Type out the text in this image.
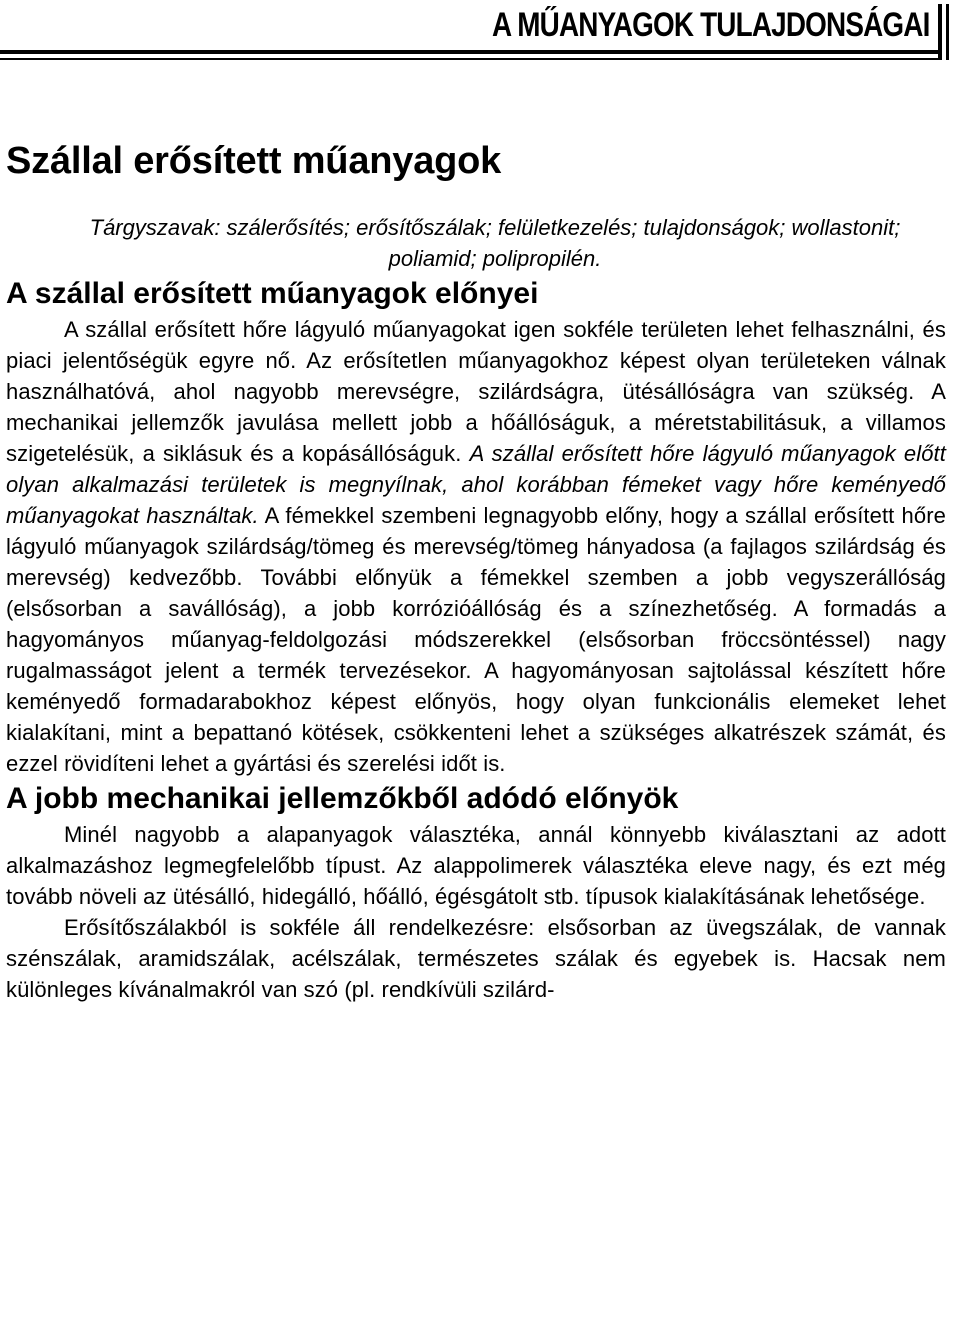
A MŰANYAGOK TULAJDONSÁGAI
Szállal erősített műanyagok

Tárgyszavak: szálerősítés; erősítőszálak; felületkezelés; tulajdonságok; wollastonit; poliamid; polipropilén.

A szállal erősített műanyagok előnyei

A szállal erősített hőre lágyuló műanyagokat igen sokféle területen lehet felhasználni, és piaci jelentőségük egyre nő. Az erősítetlen műanyagokhoz képest olyan területeken válnak használhatóvá, ahol nagyobb merevségre, szilárdságra, ütésállóságra van szükség. A mechanikai jellemzők javulása mellett jobb a hőállóságuk, a méretstabilitásuk, a villamos szigetelésük, a siklásuk és a kopásállóságuk. A szállal erősített hőre lágyuló műanyagok előtt olyan alkalmazási területek is megnyílnak, ahol korábban fémeket vagy hőre keményedő műanyagokat használtak. A fémekkel szembeni legnagyobb előny, hogy a szállal erősített hőre lágyuló műanyagok szilárdság/tömeg és merevség/tömeg hányadosa (a fajlagos szilárdság és merevség) kedvezőbb. További előnyük a fémekkel szemben a jobb vegyszerállóság (elsősorban a savállóság), a jobb korrózióállóság és a színezhetőség. A formadás a hagyományos műanyag-feldolgozási módszerekkel (elsősorban fröccsöntéssel) nagy rugalmasságot jelent a termék tervezésekor. A hagyományosan sajtolással készített hőre keményedő formadarabokhoz képest előnyös, hogy olyan funkcionális elemeket lehet kialakítani, mint a bepattanó kötések, csökkenteni lehet a szükséges alkatrészek számát, és ezzel rövidíteni lehet a gyártási és szerelési időt is.

A jobb mechanikai jellemzőkből adódó előnyök

Minél nagyobb a alapanyagok választéka, annál könnyebb kiválasztani az adott alkalmazáshoz legmegfelelőbb típust. Az alappolimerek választéka eleve nagy, és ezt még tovább növeli az ütésálló, hidegálló, hőálló, égésgátolt stb. típusok kialakításának lehetősége.

Erősítőszálakból is sokféle áll rendelkezésre: elsősorban az üvegszálak, de vannak szénszálak, aramidszálak, acélszálak, természetes szálak és egyebek is. Hacsak nem különleges kívánalmakról van szó (pl. rendkívüli szilárd-
